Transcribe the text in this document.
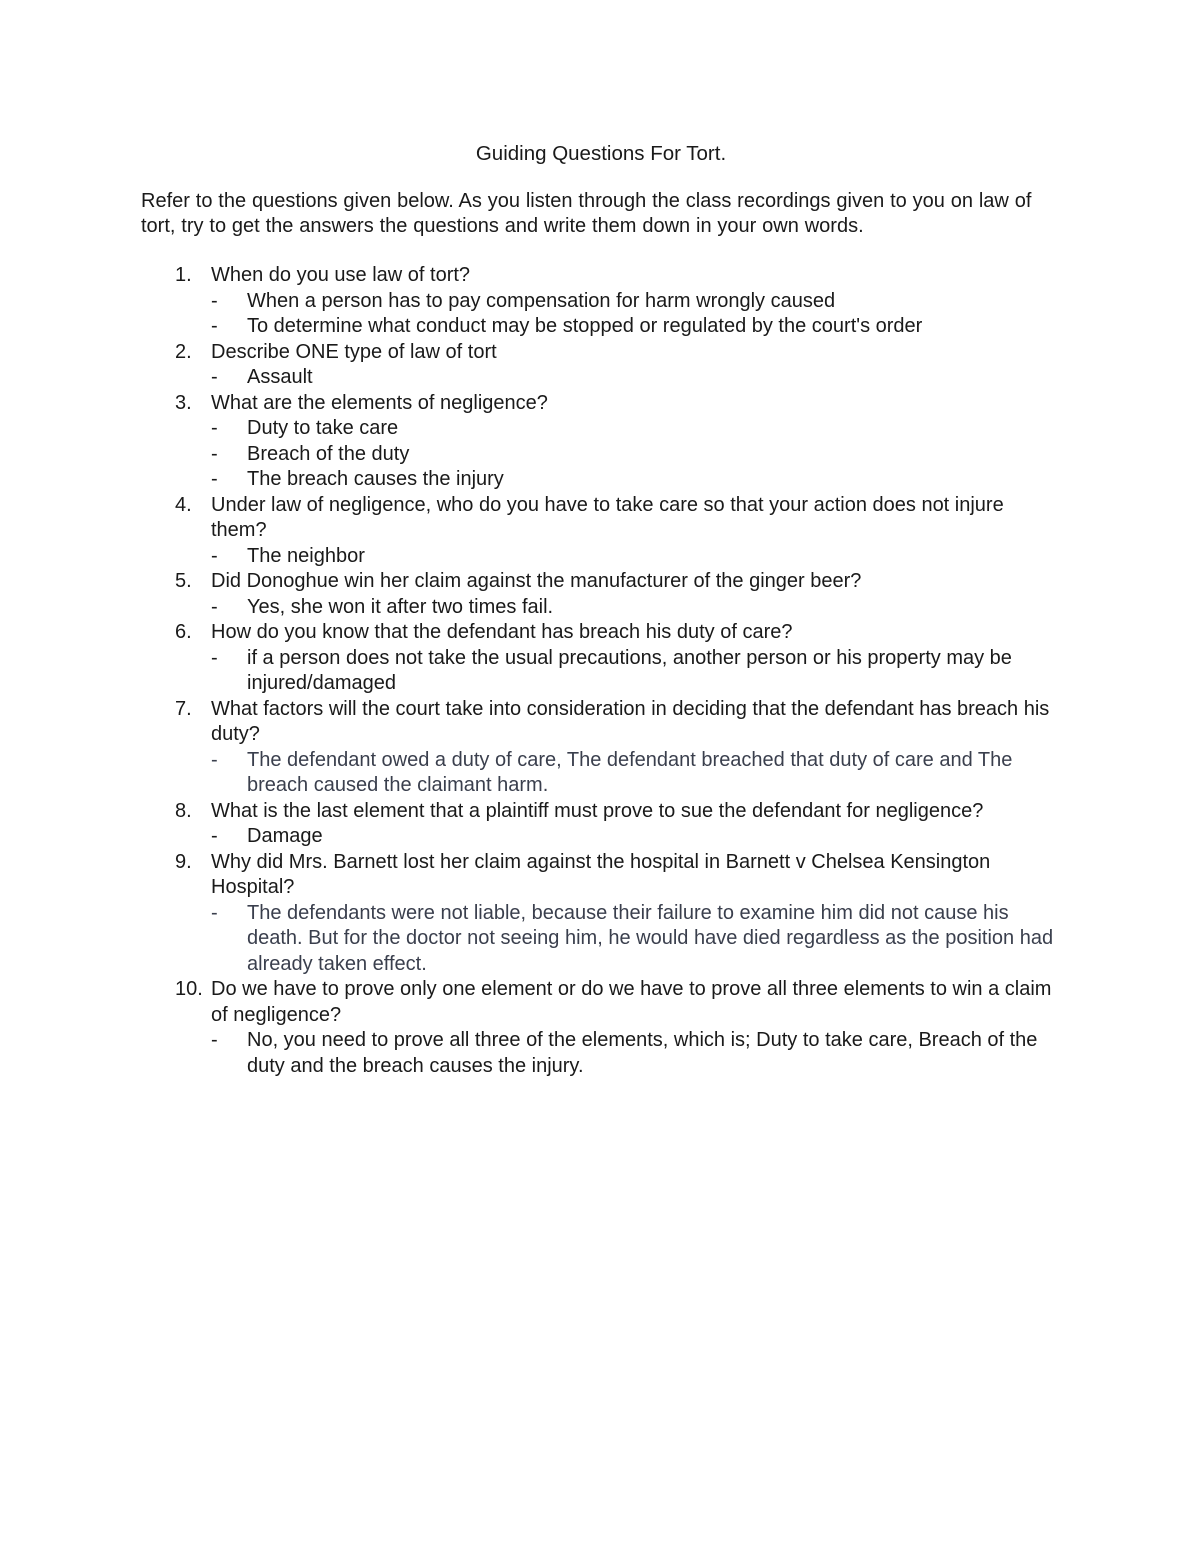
Guiding Questions For Tort.

Refer to the questions given below. As you listen through the class recordings given to you on law of tort, try to get the answers the questions and write them down in your own words.

1. When do you use law of tort?
- When a person has to pay compensation for harm wrongly caused
- To determine what conduct may be stopped or regulated by the court's order
2. Describe ONE type of law of tort
- Assault
3. What are the elements of negligence?
- Duty to take care
- Breach of the duty
- The breach causes the injury
4. Under law of negligence, who do you have to take care so that your action does not injure them?
- The neighbor
5. Did Donoghue win her claim against the manufacturer of the ginger beer?
- Yes, she won it after two times fail.
6. How do you know that the defendant has breach his duty of care?
- if a person does not take the usual precautions, another person or his property may be injured/damaged
7. What factors will the court take into consideration in deciding that the defendant has breach his duty?
- The defendant owed a duty of care, The defendant breached that duty of care and The breach caused the claimant harm.
8. What is the last element that a plaintiff must prove to sue the defendant for negligence?
- Damage
9. Why did Mrs. Barnett lost her claim against the hospital in Barnett v Chelsea Kensington Hospital?
- The defendants were not liable, because their failure to examine him did not cause his death. But for the doctor not seeing him, he would have died regardless as the position had already taken effect.
10. Do we have to prove only one element or do we have to prove all three elements to win a claim of negligence?
- No, you need to prove all three of the elements, which is; Duty to take care, Breach of the duty and the breach causes the injury.
